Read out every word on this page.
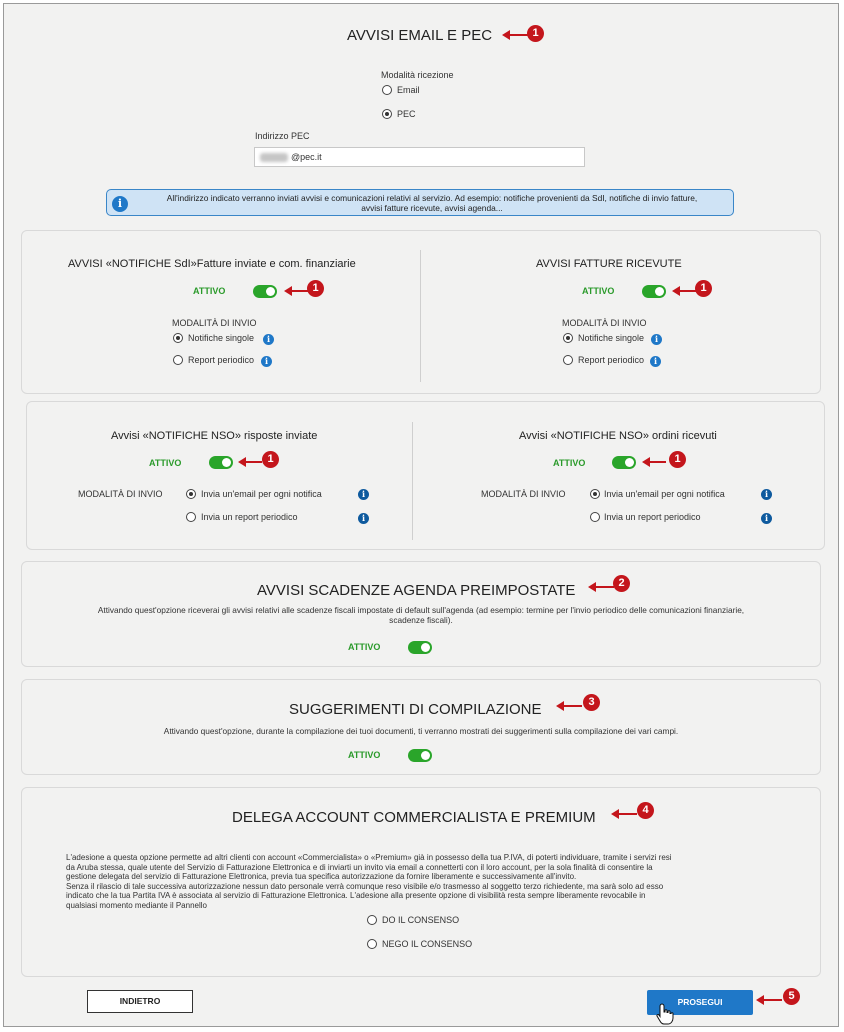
AVVISI EMAIL E PEC	1
Modalità ricezione
Email
PEC
Indirizzo PEC
@pec.it
i	All'indirizzo indicato verranno inviati avvisi e comunicazioni relativi al servizio. Ad esempio: notifiche provenienti da SdI, notifiche di invio fatture,
avvisi fatture ricevute, avvisi agenda...
AVVISI «NOTIFICHE SdI»Fatture inviate e com. finanziarie
ATTIVO	1
MODALITÀ DI INVIO
Notifiche singole	i
Report periodico	i
AVVISI FATTURE RICEVUTE
ATTIVO	1
MODALITÀ DI INVIO
Notifiche singole	i
Report periodico	i
Avvisi «NOTIFICHE NSO» risposte inviate
ATTIVO	1
MODALITÀ DI INVIO	Invia un'email per ogni notifica	i
Invia un report periodico	i
Avvisi «NOTIFICHE NSO» ordini ricevuti
ATTIVO	1
MODALITÀ DI INVIO	Invia un'email per ogni notifica	i
Invia un report periodico	i
AVVISI SCADENZE AGENDA PREIMPOSTATE	2
Attivando quest'opzione riceverai gli avvisi relativi alle scadenze fiscali impostate di default sull'agenda (ad esempio: termine per l'invio periodico delle comunicazioni finanziarie,
scadenze fiscali).
ATTIVO
SUGGERIMENTI DI COMPILAZIONE	3
Attivando quest'opzione, durante la compilazione dei tuoi documenti, ti verranno mostrati dei suggerimenti sulla compilazione dei vari campi.
ATTIVO
DELEGA ACCOUNT COMMERCIALISTA E PREMIUM	4
L'adesione a questa opzione permette ad altri clienti con account «Commercialista» o «Premium» già in possesso della tua P.IVA, di poterti individuare, tramite i servizi resi
da Aruba stessa, quale utente del Servizio di Fatturazione Elettronica e di inviarti un invito via email a connetterti con il loro account, per la sola finalità di consentire la
gestione delegata del servizio di Fatturazione Elettronica, previa tua specifica autorizzazione da fornire liberamente e successivamente all'invito.
Senza il rilascio di tale successiva autorizzazione nessun dato personale verrà comunque reso visibile e/o trasmesso al soggetto terzo richiedente, ma sarà solo ad esso
indicato che la tua Partita IVA è associata al servizio di Fatturazione Elettronica. L'adesione alla presente opzione di visibilità resta sempre liberamente revocabile in
qualsiasi momento mediante il Pannello
DO IL CONSENSO
NEGO IL CONSENSO
INDIETRO	PROSEGUI	5
